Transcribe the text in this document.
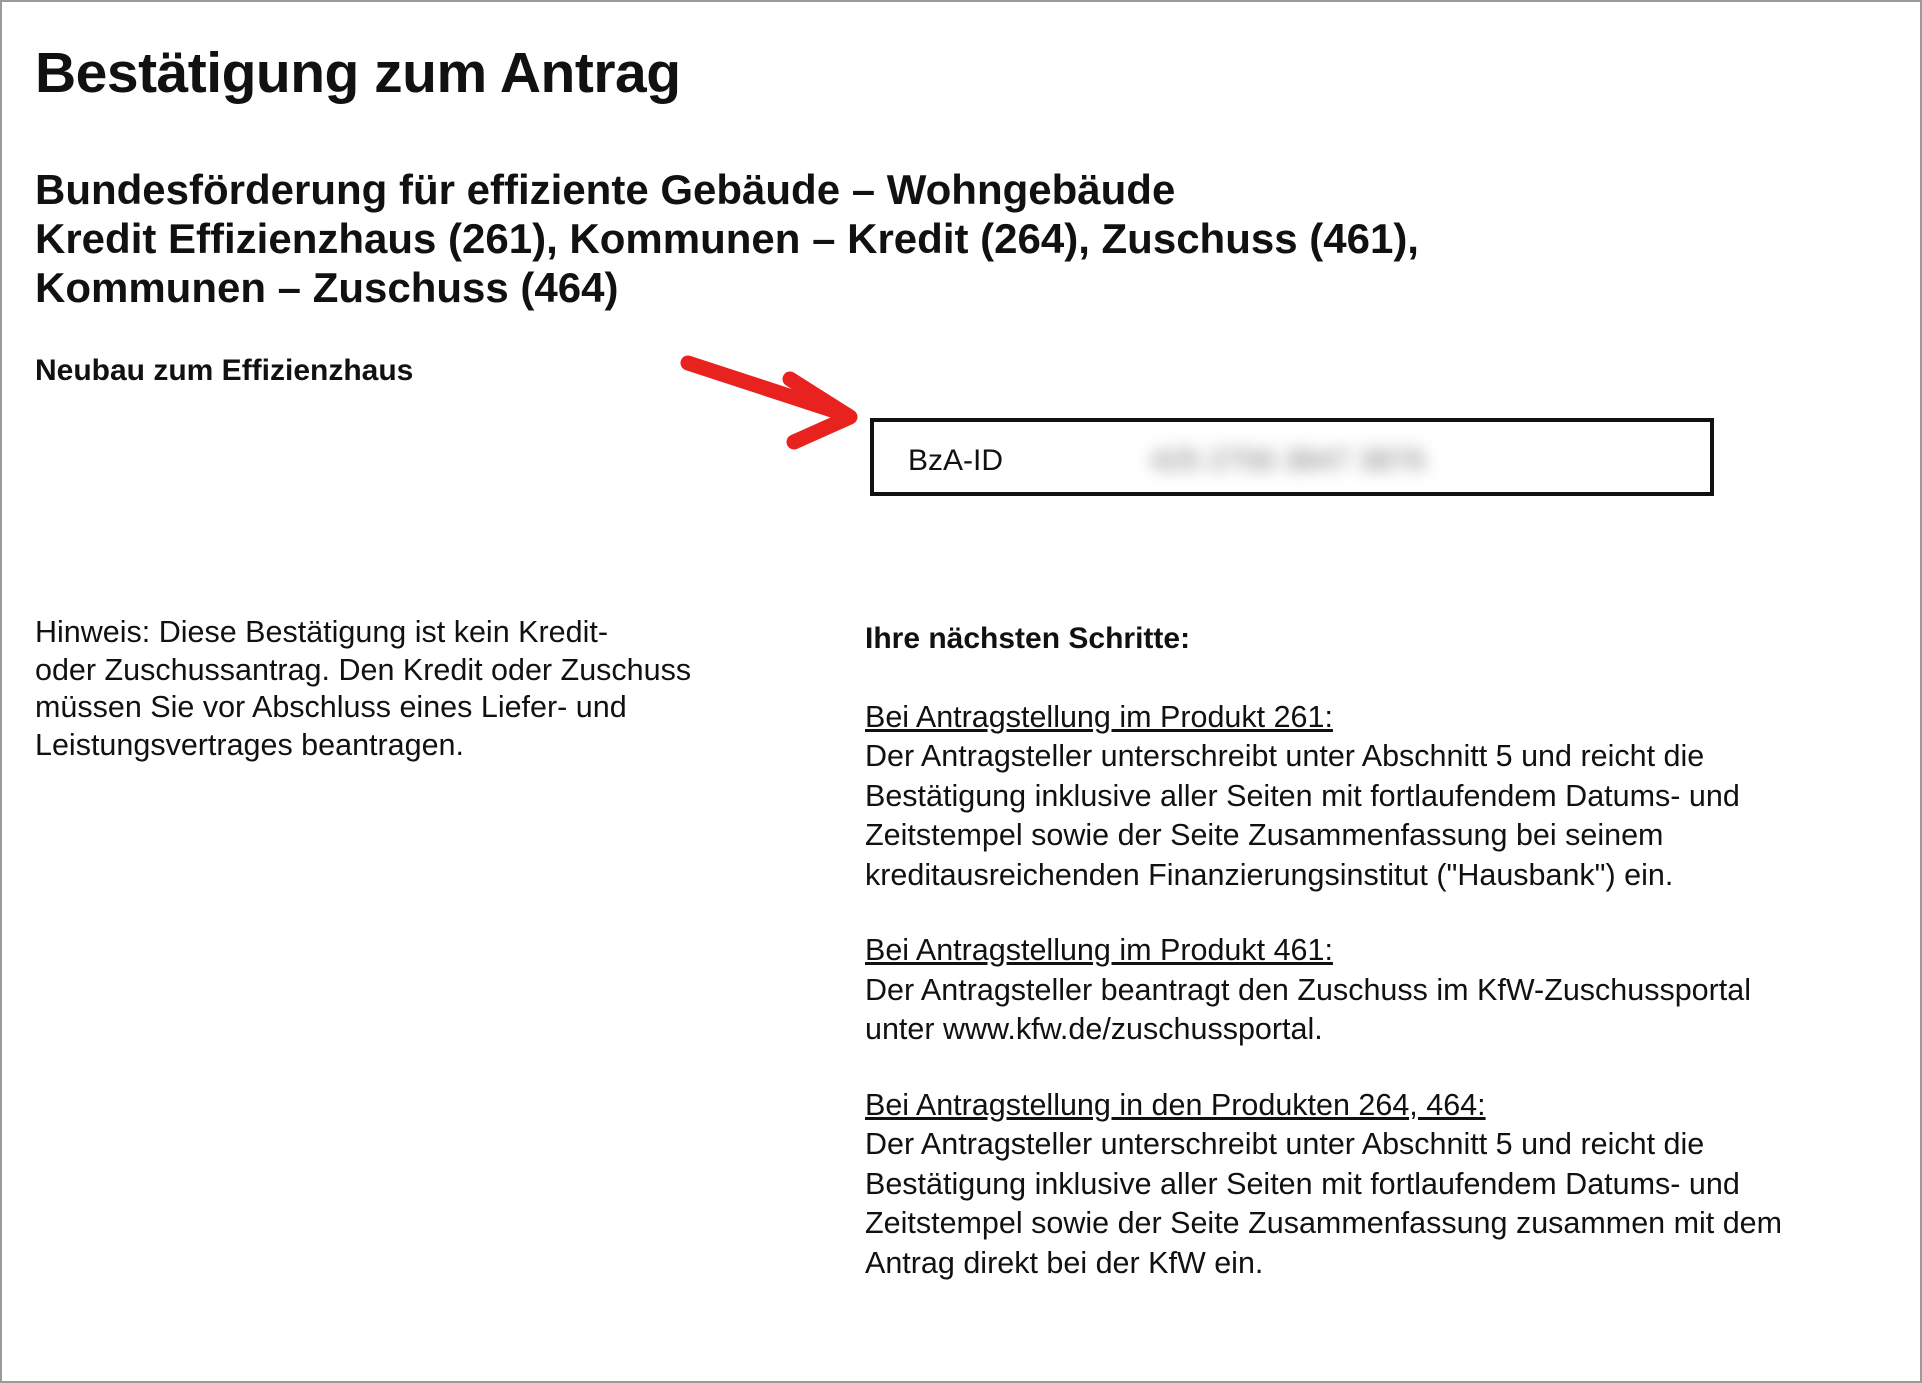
Bestätigung zum Antrag
Bundesförderung für effiziente Gebäude – Wohngebäude
Kredit Effizienzhaus (261), Kommunen – Kredit (264), Zuschuss (461),
Kommunen – Zuschuss (464)
Neubau zum Effizienzhaus
BzA-ID	425 2756 3847 3876
Hinweis: Diese Bestätigung ist kein Kredit-
oder Zuschussantrag. Den Kredit oder Zuschuss
müssen Sie vor Abschluss eines Liefer- und
Leistungsvertrages beantragen.
Ihre nächsten Schritte:
Bei Antragstellung im Produkt 261:
Der Antragsteller unterschreibt unter Abschnitt 5 und reicht die
Bestätigung inklusive aller Seiten mit fortlaufendem Datums- und
Zeitstempel sowie der Seite Zusammenfassung bei seinem
kreditausreichenden Finanzierungsinstitut ("Hausbank") ein.
Bei Antragstellung im Produkt 461:
Der Antragsteller beantragt den Zuschuss im KfW-Zuschussportal
unter www.kfw.de/zuschussportal.
Bei Antragstellung in den Produkten 264, 464:
Der Antragsteller unterschreibt unter Abschnitt 5 und reicht die
Bestätigung inklusive aller Seiten mit fortlaufendem Datums- und
Zeitstempel sowie der Seite Zusammenfassung zusammen mit dem
Antrag direkt bei der KfW ein.
